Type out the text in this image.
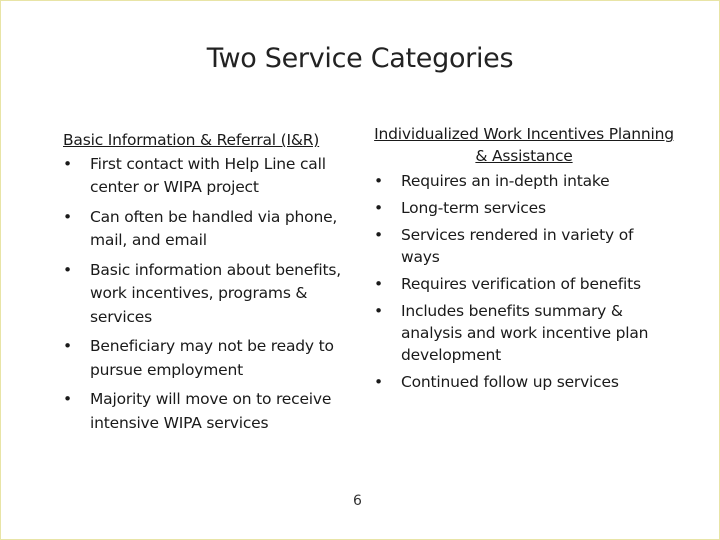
Two Service Categories
Basic Information & Referral (I&R)
•	First contact with Help Line call center or WIPA project
•	Can often be handled via phone, mail, and email
•	Basic information about benefits, work incentives, programs & services
•	Beneficiary may not be ready to pursue employment
•	Majority will move on to receive intensive WIPA services
Individualized Work Incentives Planning & Assistance
•	Requires an in-depth intake
•	Long-term services
•	Services rendered in variety of ways
•	Requires verification of benefits
•	Includes benefits summary & analysis and work incentive plan development
•	Continued follow up services
6
